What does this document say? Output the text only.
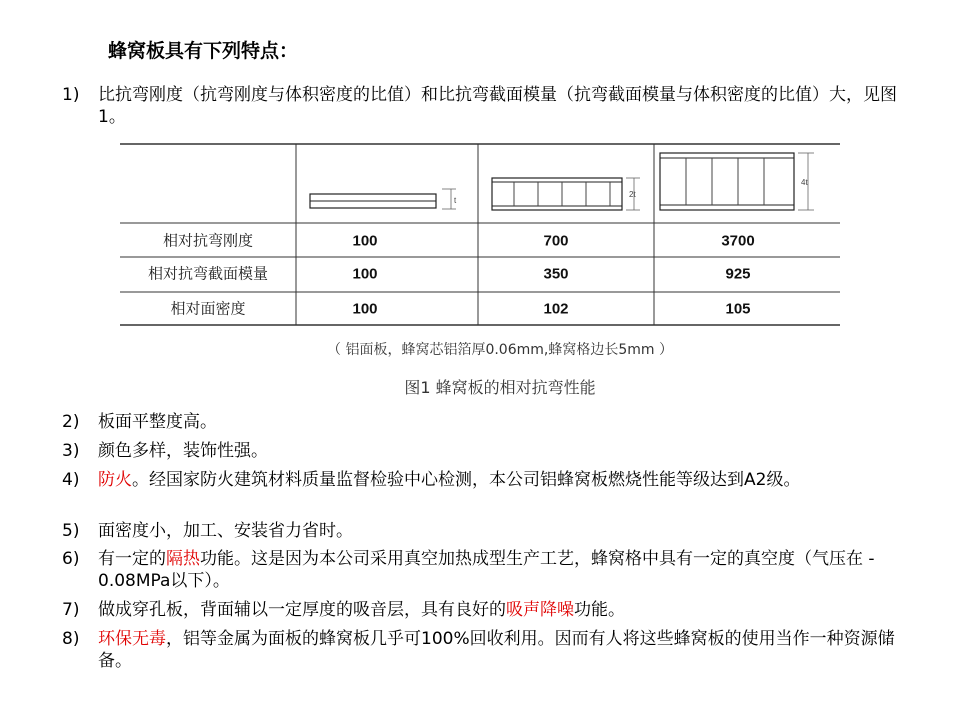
蜂窝板具有下列特点：
1)	比抗弯刚度（抗弯刚度与体积密度的比值）和比抗弯截面模量（抗弯截面模量与体积密度的比值）大，见图1。
t
2t
4t
相对抗弯刚度	100	700	3700
相对抗弯截面模量	100	350	925
相对面密度	100	102	105
（ 铝面板，蜂窝芯铝箔厚0.06mm,蜂窝格边长5mm ）
图1 蜂窝板的相对抗弯性能
2)	板面平整度高。
3)	颜色多样，装饰性强。
4)	防火。经国家防火建筑材料质量监督检验中心检测，本公司铝蜂窝板燃烧性能等级达到A2级。
5)	面密度小，加工、安装省力省时。
6)	有一定的隔热功能。这是因为本公司采用真空加热成型生产工艺，蜂窝格中具有一定的真空度（气压在 - 0.08MPa以下）。
7)	做成穿孔板，背面辅以一定厚度的吸音层，具有良好的吸声降噪功能。
8)	环保无毒，铝等金属为面板的蜂窝板几乎可100%回收利用。因而有人将这些蜂窝板的使用当作一种资源储备。
